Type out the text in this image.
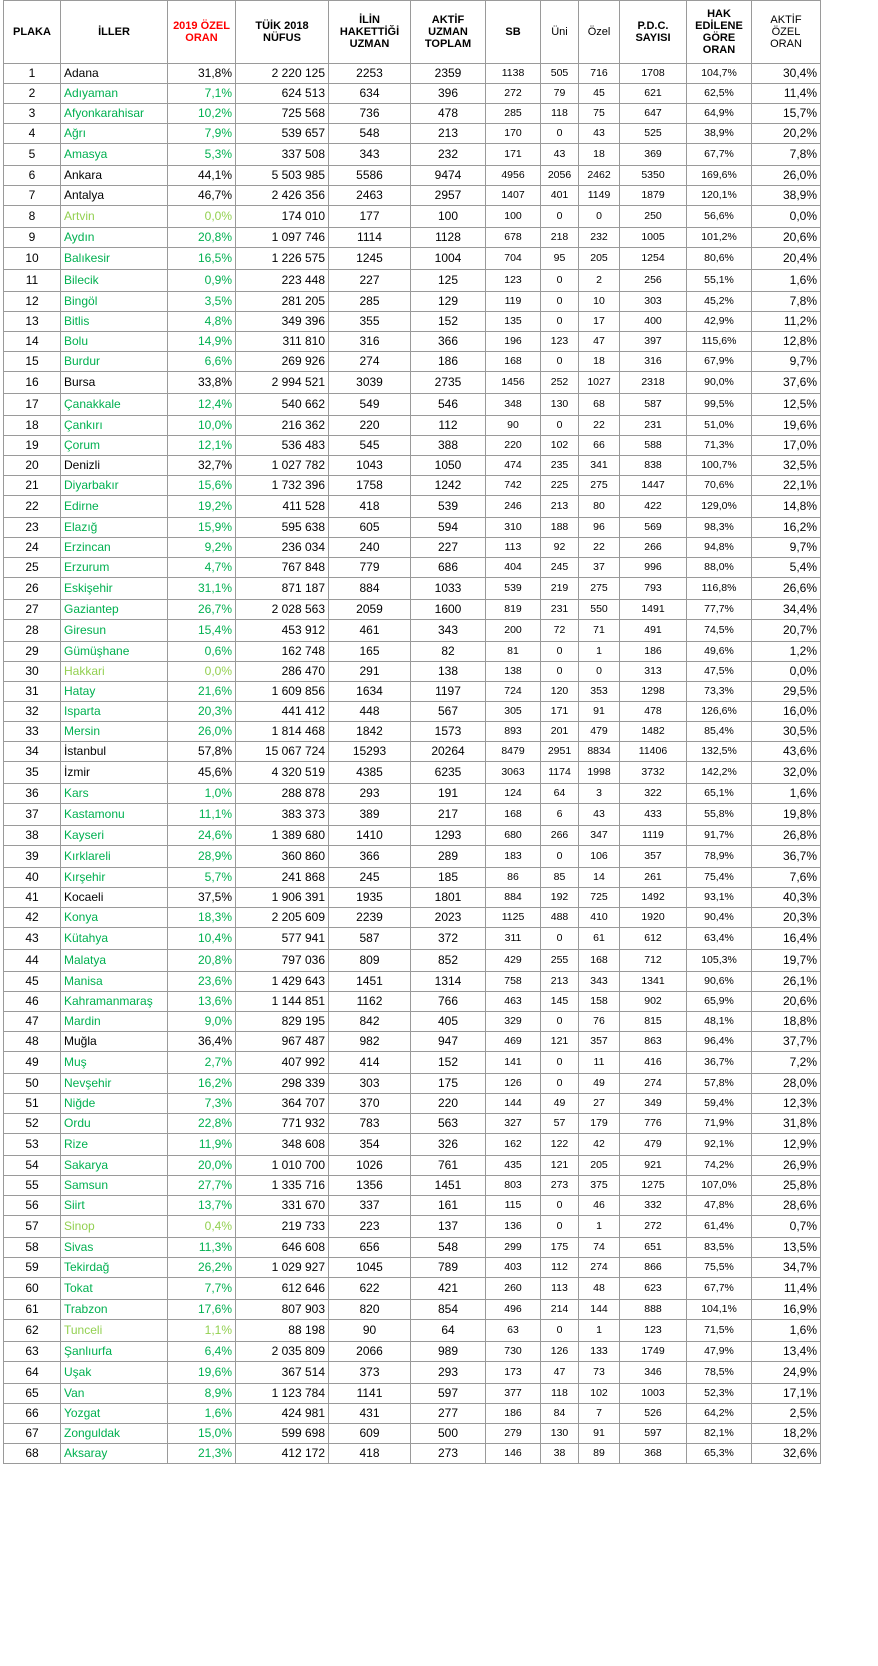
PLAKA	İLLER	2019 ÖZEL ORAN	TÜİK 2018 NÜFUS	İLİN HAKETTİĞİ UZMAN	AKTİF UZMAN TOPLAM	SB	Üni	Özel	P.D.C. SAYISI	HAK EDİLENE GÖRE ORAN	AKTİF ÖZEL ORAN
1	Adana	31,8%	2 220 125	2253	2359	1138	505	716	1708	104,7%	30,4%
2	Adıyaman	7,1%	624 513	634	396	272	79	45	621	62,5%	11,4%
3	Afyonkarahisar	10,2%	725 568	736	478	285	118	75	647	64,9%	15,7%
4	Ağrı	7,9%	539 657	548	213	170	0	43	525	38,9%	20,2%
5	Amasya	5,3%	337 508	343	232	171	43	18	369	67,7%	7,8%
6	Ankara	44,1%	5 503 985	5586	9474	4956	2056	2462	5350	169,6%	26,0%
7	Antalya	46,7%	2 426 356	2463	2957	1407	401	1149	1879	120,1%	38,9%
8	Artvin	0,0%	174 010	177	100	100	0	0	250	56,6%	0,0%
9	Aydın	20,8%	1 097 746	1114	1128	678	218	232	1005	101,2%	20,6%
10	Balıkesir	16,5%	1 226 575	1245	1004	704	95	205	1254	80,6%	20,4%
11	Bilecik	0,9%	223 448	227	125	123	0	2	256	55,1%	1,6%
12	Bingöl	3,5%	281 205	285	129	119	0	10	303	45,2%	7,8%
13	Bitlis	4,8%	349 396	355	152	135	0	17	400	42,9%	11,2%
14	Bolu	14,9%	311 810	316	366	196	123	47	397	115,6%	12,8%
15	Burdur	6,6%	269 926	274	186	168	0	18	316	67,9%	9,7%
16	Bursa	33,8%	2 994 521	3039	2735	1456	252	1027	2318	90,0%	37,6%
17	Çanakkale	12,4%	540 662	549	546	348	130	68	587	99,5%	12,5%
18	Çankırı	10,0%	216 362	220	112	90	0	22	231	51,0%	19,6%
19	Çorum	12,1%	536 483	545	388	220	102	66	588	71,3%	17,0%
20	Denizli	32,7%	1 027 782	1043	1050	474	235	341	838	100,7%	32,5%
21	Diyarbakır	15,6%	1 732 396	1758	1242	742	225	275	1447	70,6%	22,1%
22	Edirne	19,2%	411 528	418	539	246	213	80	422	129,0%	14,8%
23	Elazığ	15,9%	595 638	605	594	310	188	96	569	98,3%	16,2%
24	Erzincan	9,2%	236 034	240	227	113	92	22	266	94,8%	9,7%
25	Erzurum	4,7%	767 848	779	686	404	245	37	996	88,0%	5,4%
26	Eskişehir	31,1%	871 187	884	1033	539	219	275	793	116,8%	26,6%
27	Gaziantep	26,7%	2 028 563	2059	1600	819	231	550	1491	77,7%	34,4%
28	Giresun	15,4%	453 912	461	343	200	72	71	491	74,5%	20,7%
29	Gümüşhane	0,6%	162 748	165	82	81	0	1	186	49,6%	1,2%
30	Hakkari	0,0%	286 470	291	138	138	0	0	313	47,5%	0,0%
31	Hatay	21,6%	1 609 856	1634	1197	724	120	353	1298	73,3%	29,5%
32	Isparta	20,3%	441 412	448	567	305	171	91	478	126,6%	16,0%
33	Mersin	26,0%	1 814 468	1842	1573	893	201	479	1482	85,4%	30,5%
34	İstanbul	57,8%	15 067 724	15293	20264	8479	2951	8834	11406	132,5%	43,6%
35	İzmir	45,6%	4 320 519	4385	6235	3063	1174	1998	3732	142,2%	32,0%
36	Kars	1,0%	288 878	293	191	124	64	3	322	65,1%	1,6%
37	Kastamonu	11,1%	383 373	389	217	168	6	43	433	55,8%	19,8%
38	Kayseri	24,6%	1 389 680	1410	1293	680	266	347	1119	91,7%	26,8%
39	Kırklareli	28,9%	360 860	366	289	183	0	106	357	78,9%	36,7%
40	Kırşehir	5,7%	241 868	245	185	86	85	14	261	75,4%	7,6%
41	Kocaeli	37,5%	1 906 391	1935	1801	884	192	725	1492	93,1%	40,3%
42	Konya	18,3%	2 205 609	2239	2023	1125	488	410	1920	90,4%	20,3%
43	Kütahya	10,4%	577 941	587	372	311	0	61	612	63,4%	16,4%
44	Malatya	20,8%	797 036	809	852	429	255	168	712	105,3%	19,7%
45	Manisa	23,6%	1 429 643	1451	1314	758	213	343	1341	90,6%	26,1%
46	Kahramanmaraş	13,6%	1 144 851	1162	766	463	145	158	902	65,9%	20,6%
47	Mardin	9,0%	829 195	842	405	329	0	76	815	48,1%	18,8%
48	Muğla	36,4%	967 487	982	947	469	121	357	863	96,4%	37,7%
49	Muş	2,7%	407 992	414	152	141	0	11	416	36,7%	7,2%
50	Nevşehir	16,2%	298 339	303	175	126	0	49	274	57,8%	28,0%
51	Niğde	7,3%	364 707	370	220	144	49	27	349	59,4%	12,3%
52	Ordu	22,8%	771 932	783	563	327	57	179	776	71,9%	31,8%
53	Rize	11,9%	348 608	354	326	162	122	42	479	92,1%	12,9%
54	Sakarya	20,0%	1 010 700	1026	761	435	121	205	921	74,2%	26,9%
55	Samsun	27,7%	1 335 716	1356	1451	803	273	375	1275	107,0%	25,8%
56	Siirt	13,7%	331 670	337	161	115	0	46	332	47,8%	28,6%
57	Sinop	0,4%	219 733	223	137	136	0	1	272	61,4%	0,7%
58	Sivas	11,3%	646 608	656	548	299	175	74	651	83,5%	13,5%
59	Tekirdağ	26,2%	1 029 927	1045	789	403	112	274	866	75,5%	34,7%
60	Tokat	7,7%	612 646	622	421	260	113	48	623	67,7%	11,4%
61	Trabzon	17,6%	807 903	820	854	496	214	144	888	104,1%	16,9%
62	Tunceli	1,1%	88 198	90	64	63	0	1	123	71,5%	1,6%
63	Şanlıurfa	6,4%	2 035 809	2066	989	730	126	133	1749	47,9%	13,4%
64	Uşak	19,6%	367 514	373	293	173	47	73	346	78,5%	24,9%
65	Van	8,9%	1 123 784	1141	597	377	118	102	1003	52,3%	17,1%
66	Yozgat	1,6%	424 981	431	277	186	84	7	526	64,2%	2,5%
67	Zonguldak	15,0%	599 698	609	500	279	130	91	597	82,1%	18,2%
68	Aksaray	21,3%	412 172	418	273	146	38	89	368	65,3%	32,6%
